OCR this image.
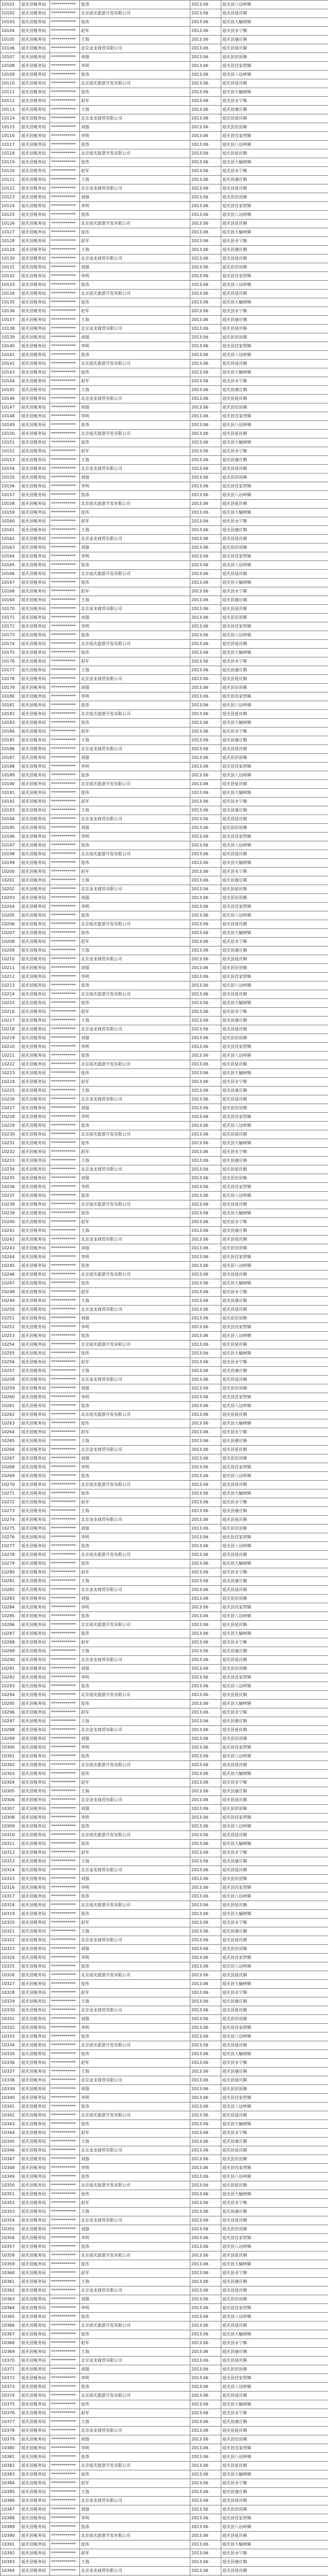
10101	延庆县税务局	************	张涛	2013.06	延庆县八达岭镇
10102	延庆县税务局	************	北京延庆旅游开发有限公司	2013.06	延庆县延庆镇
10103	延庆县税务局	************	张伟	2013.06	延庆县大榆树镇
10104	延庆县税务局	************	赵军	2013.06	延庆县永宁镇
10105	延庆县税务局	************	王海	2013.06	延庆县康庄镇
10106	延庆县税务局	************	北京金龙商贸有限公司	2013.06	延庆县延庆镇
10107	延庆县税务局	************	刘强	2013.06	延庆县旧县镇
10108	延庆县税务局	************	李明	2013.06	延庆县沈家营镇
10109	延庆县税务局	************	张涛	2013.06	延庆县八达岭镇
10110	延庆县税务局	************	北京延庆旅游开发有限公司	2013.06	延庆县延庆镇
10111	延庆县税务局	************	张伟	2013.06	延庆县大榆树镇
10112	延庆县税务局	************	赵军	2013.06	延庆县永宁镇
10113	延庆县税务局	************	王海	2013.06	延庆县康庄镇
10114	延庆县税务局	************	北京金龙商贸有限公司	2013.06	延庆县延庆镇
10115	延庆县税务局	************	刘强	2013.06	延庆县旧县镇
10116	延庆县税务局	************	李明	2013.06	延庆县沈家营镇
10117	延庆县税务局	************	张涛	2013.06	延庆县八达岭镇
10118	延庆县税务局	************	北京延庆旅游开发有限公司	2013.06	延庆县延庆镇
10119	延庆县税务局	************	张伟	2013.06	延庆县大榆树镇
10120	延庆县税务局	************	赵军	2013.06	延庆县永宁镇
10121	延庆县税务局	************	王海	2013.06	延庆县康庄镇
10122	延庆县税务局	************	北京金龙商贸有限公司	2013.06	延庆县延庆镇
10123	延庆县税务局	************	刘强	2013.06	延庆县旧县镇
10124	延庆县税务局	************	李明	2013.06	延庆县沈家营镇
10125	延庆县税务局	************	张涛	2013.06	延庆县八达岭镇
10126	延庆县税务局	************	北京延庆旅游开发有限公司	2013.06	延庆县延庆镇
10127	延庆县税务局	************	张伟	2013.06	延庆县大榆树镇
10128	延庆县税务局	************	赵军	2013.06	延庆县永宁镇
10129	延庆县税务局	************	王海	2013.06	延庆县康庄镇
10130	延庆县税务局	************	北京金龙商贸有限公司	2013.06	延庆县延庆镇
10131	延庆县税务局	************	刘强	2013.06	延庆县旧县镇
10132	延庆县税务局	************	李明	2013.06	延庆县沈家营镇
10133	延庆县税务局	************	张涛	2013.06	延庆县八达岭镇
10134	延庆县税务局	************	北京延庆旅游开发有限公司	2013.06	延庆县延庆镇
10135	延庆县税务局	************	张伟	2013.06	延庆县大榆树镇
10136	延庆县税务局	************	赵军	2013.06	延庆县永宁镇
10137	延庆县税务局	************	王海	2013.06	延庆县康庄镇
10138	延庆县税务局	************	北京金龙商贸有限公司	2013.06	延庆县延庆镇
10139	延庆县税务局	************	刘强	2013.06	延庆县旧县镇
10140	延庆县税务局	************	李明	2013.06	延庆县沈家营镇
10141	延庆县税务局	************	张涛	2013.06	延庆县八达岭镇
10142	延庆县税务局	************	北京延庆旅游开发有限公司	2013.06	延庆县延庆镇
10143	延庆县税务局	************	张伟	2013.06	延庆县大榆树镇
10144	延庆县税务局	************	赵军	2013.06	延庆县永宁镇
10145	延庆县税务局	************	王海	2013.06	延庆县康庄镇
10146	延庆县税务局	************	北京金龙商贸有限公司	2013.06	延庆县延庆镇
10147	延庆县税务局	************	刘强	2013.06	延庆县旧县镇
10148	延庆县税务局	************	李明	2013.06	延庆县沈家营镇
10149	延庆县税务局	************	张涛	2013.06	延庆县八达岭镇
10150	延庆县税务局	************	北京延庆旅游开发有限公司	2013.06	延庆县延庆镇
10151	延庆县税务局	************	张伟	2013.06	延庆县大榆树镇
10152	延庆县税务局	************	赵军	2013.06	延庆县永宁镇
10153	延庆县税务局	************	王海	2013.06	延庆县康庄镇
10154	延庆县税务局	************	北京金龙商贸有限公司	2013.06	延庆县延庆镇
10155	延庆县税务局	************	刘强	2013.06	延庆县旧县镇
10156	延庆县税务局	************	李明	2013.06	延庆县沈家营镇
10157	延庆县税务局	************	张涛	2013.06	延庆县八达岭镇
10158	延庆县税务局	************	北京延庆旅游开发有限公司	2013.06	延庆县延庆镇
10159	延庆县税务局	************	张伟	2013.06	延庆县大榆树镇
10160	延庆县税务局	************	赵军	2013.06	延庆县永宁镇
10161	延庆县税务局	************	王海	2013.06	延庆县康庄镇
10162	延庆县税务局	************	北京金龙商贸有限公司	2013.06	延庆县延庆镇
10163	延庆县税务局	************	刘强	2013.06	延庆县旧县镇
10164	延庆县税务局	************	李明	2013.06	延庆县沈家营镇
10165	延庆县税务局	************	张涛	2013.06	延庆县八达岭镇
10166	延庆县税务局	************	北京延庆旅游开发有限公司	2013.06	延庆县延庆镇
10167	延庆县税务局	************	张伟	2013.06	延庆县大榆树镇
10168	延庆县税务局	************	赵军	2013.06	延庆县永宁镇
10169	延庆县税务局	************	王海	2013.06	延庆县康庄镇
10170	延庆县税务局	************	北京金龙商贸有限公司	2013.06	延庆县延庆镇
10171	延庆县税务局	************	刘强	2013.06	延庆县旧县镇
10172	延庆县税务局	************	李明	2013.06	延庆县沈家营镇
10173	延庆县税务局	************	张涛	2013.06	延庆县八达岭镇
10174	延庆县税务局	************	北京延庆旅游开发有限公司	2013.06	延庆县延庆镇
10175	延庆县税务局	************	张伟	2013.06	延庆县大榆树镇
10176	延庆县税务局	************	赵军	2013.06	延庆县永宁镇
10177	延庆县税务局	************	王海	2013.06	延庆县康庄镇
10178	延庆县税务局	************	北京金龙商贸有限公司	2013.06	延庆县延庆镇
10179	延庆县税务局	************	刘强	2013.06	延庆县旧县镇
10180	延庆县税务局	************	李明	2013.06	延庆县沈家营镇
10181	延庆县税务局	************	张涛	2013.06	延庆县八达岭镇
10182	延庆县税务局	************	北京延庆旅游开发有限公司	2013.06	延庆县延庆镇
10183	延庆县税务局	************	张伟	2013.06	延庆县大榆树镇
10184	延庆县税务局	************	赵军	2013.06	延庆县永宁镇
10185	延庆县税务局	************	王海	2013.06	延庆县康庄镇
10186	延庆县税务局	************	北京金龙商贸有限公司	2013.06	延庆县延庆镇
10187	延庆县税务局	************	刘强	2013.06	延庆县旧县镇
10188	延庆县税务局	************	李明	2013.06	延庆县沈家营镇
10189	延庆县税务局	************	张涛	2013.06	延庆县八达岭镇
10190	延庆县税务局	************	北京延庆旅游开发有限公司	2013.06	延庆县延庆镇
10191	延庆县税务局	************	张伟	2013.06	延庆县大榆树镇
10192	延庆县税务局	************	赵军	2013.06	延庆县永宁镇
10193	延庆县税务局	************	王海	2013.06	延庆县康庄镇
10194	延庆县税务局	************	北京金龙商贸有限公司	2013.06	延庆县延庆镇
10195	延庆县税务局	************	刘强	2013.06	延庆县旧县镇
10196	延庆县税务局	************	李明	2013.06	延庆县沈家营镇
10197	延庆县税务局	************	张涛	2013.06	延庆县八达岭镇
10198	延庆县税务局	************	北京延庆旅游开发有限公司	2013.06	延庆县延庆镇
10199	延庆县税务局	************	张伟	2013.06	延庆县大榆树镇
10200	延庆县税务局	************	赵军	2013.06	延庆县永宁镇
10201	延庆县税务局	************	王海	2013.06	延庆县康庄镇
10202	延庆县税务局	************	北京金龙商贸有限公司	2013.06	延庆县延庆镇
10203	延庆县税务局	************	刘强	2013.06	延庆县旧县镇
10204	延庆县税务局	************	李明	2013.06	延庆县沈家营镇
10205	延庆县税务局	************	张涛	2013.06	延庆县八达岭镇
10206	延庆县税务局	************	北京延庆旅游开发有限公司	2013.06	延庆县延庆镇
10207	延庆县税务局	************	张伟	2013.06	延庆县大榆树镇
10208	延庆县税务局	************	赵军	2013.06	延庆县永宁镇
10209	延庆县税务局	************	王海	2013.06	延庆县康庄镇
10210	延庆县税务局	************	北京金龙商贸有限公司	2013.06	延庆县延庆镇
10211	延庆县税务局	************	刘强	2013.06	延庆县旧县镇
10212	延庆县税务局	************	李明	2013.06	延庆县沈家营镇
10213	延庆县税务局	************	张涛	2013.06	延庆县八达岭镇
10214	延庆县税务局	************	北京延庆旅游开发有限公司	2013.06	延庆县延庆镇
10215	延庆县税务局	************	张伟	2013.06	延庆县大榆树镇
10216	延庆县税务局	************	赵军	2013.06	延庆县永宁镇
10217	延庆县税务局	************	王海	2013.06	延庆县康庄镇
10218	延庆县税务局	************	北京金龙商贸有限公司	2013.06	延庆县延庆镇
10219	延庆县税务局	************	刘强	2013.06	延庆县旧县镇
10220	延庆县税务局	************	李明	2013.06	延庆县沈家营镇
10221	延庆县税务局	************	张涛	2013.06	延庆县八达岭镇
10222	延庆县税务局	************	北京延庆旅游开发有限公司	2013.06	延庆县延庆镇
10223	延庆县税务局	************	张伟	2013.06	延庆县大榆树镇
10224	延庆县税务局	************	赵军	2013.06	延庆县永宁镇
10225	延庆县税务局	************	王海	2013.06	延庆县康庄镇
10226	延庆县税务局	************	北京金龙商贸有限公司	2013.06	延庆县延庆镇
10227	延庆县税务局	************	刘强	2013.06	延庆县旧县镇
10228	延庆县税务局	************	李明	2013.06	延庆县沈家营镇
10229	延庆县税务局	************	张涛	2013.06	延庆县八达岭镇
10230	延庆县税务局	************	北京延庆旅游开发有限公司	2013.06	延庆县延庆镇
10231	延庆县税务局	************	张伟	2013.06	延庆县大榆树镇
10232	延庆县税务局	************	赵军	2013.06	延庆县永宁镇
10233	延庆县税务局	************	王海	2013.06	延庆县康庄镇
10234	延庆县税务局	************	北京金龙商贸有限公司	2013.06	延庆县延庆镇
10235	延庆县税务局	************	刘强	2013.06	延庆县旧县镇
10236	延庆县税务局	************	李明	2013.06	延庆县沈家营镇
10237	延庆县税务局	************	张涛	2013.06	延庆县八达岭镇
10238	延庆县税务局	************	北京延庆旅游开发有限公司	2013.06	延庆县延庆镇
10239	延庆县税务局	************	张伟	2013.06	延庆县大榆树镇
10240	延庆县税务局	************	赵军	2013.06	延庆县永宁镇
10241	延庆县税务局	************	王海	2013.06	延庆县康庄镇
10242	延庆县税务局	************	北京金龙商贸有限公司	2013.06	延庆县延庆镇
10243	延庆县税务局	************	刘强	2013.06	延庆县旧县镇
10244	延庆县税务局	************	李明	2013.06	延庆县沈家营镇
10245	延庆县税务局	************	张涛	2013.06	延庆县八达岭镇
10246	延庆县税务局	************	北京延庆旅游开发有限公司	2013.06	延庆县延庆镇
10247	延庆县税务局	************	张伟	2013.06	延庆县大榆树镇
10248	延庆县税务局	************	赵军	2013.06	延庆县永宁镇
10249	延庆县税务局	************	王海	2013.06	延庆县康庄镇
10250	延庆县税务局	************	北京金龙商贸有限公司	2013.06	延庆县延庆镇
10251	延庆县税务局	************	刘强	2013.06	延庆县旧县镇
10252	延庆县税务局	************	李明	2013.06	延庆县沈家营镇
10253	延庆县税务局	************	张涛	2013.06	延庆县八达岭镇
10254	延庆县税务局	************	北京延庆旅游开发有限公司	2013.06	延庆县延庆镇
10255	延庆县税务局	************	张伟	2013.06	延庆县大榆树镇
10256	延庆县税务局	************	赵军	2013.06	延庆县永宁镇
10257	延庆县税务局	************	王海	2013.06	延庆县康庄镇
10258	延庆县税务局	************	北京金龙商贸有限公司	2013.06	延庆县延庆镇
10259	延庆县税务局	************	刘强	2013.06	延庆县旧县镇
10260	延庆县税务局	************	李明	2013.06	延庆县沈家营镇
10261	延庆县税务局	************	张涛	2013.06	延庆县八达岭镇
10262	延庆县税务局	************	北京延庆旅游开发有限公司	2013.06	延庆县延庆镇
10263	延庆县税务局	************	张伟	2013.06	延庆县大榆树镇
10264	延庆县税务局	************	赵军	2013.06	延庆县永宁镇
10265	延庆县税务局	************	王海	2013.06	延庆县康庄镇
10266	延庆县税务局	************	北京金龙商贸有限公司	2013.06	延庆县延庆镇
10267	延庆县税务局	************	刘强	2013.06	延庆县旧县镇
10268	延庆县税务局	************	李明	2013.06	延庆县沈家营镇
10269	延庆县税务局	************	张涛	2013.06	延庆县八达岭镇
10270	延庆县税务局	************	北京延庆旅游开发有限公司	2013.06	延庆县延庆镇
10271	延庆县税务局	************	张伟	2013.06	延庆县大榆树镇
10272	延庆县税务局	************	赵军	2013.06	延庆县永宁镇
10273	延庆县税务局	************	王海	2013.06	延庆县康庄镇
10274	延庆县税务局	************	北京金龙商贸有限公司	2013.06	延庆县延庆镇
10275	延庆县税务局	************	刘强	2013.06	延庆县旧县镇
10276	延庆县税务局	************	李明	2013.06	延庆县沈家营镇
10277	延庆县税务局	************	张涛	2013.06	延庆县八达岭镇
10278	延庆县税务局	************	北京延庆旅游开发有限公司	2013.06	延庆县延庆镇
10279	延庆县税务局	************	张伟	2013.06	延庆县大榆树镇
10280	延庆县税务局	************	赵军	2013.06	延庆县永宁镇
10281	延庆县税务局	************	王海	2013.06	延庆县康庄镇
10282	延庆县税务局	************	北京金龙商贸有限公司	2013.06	延庆县延庆镇
10283	延庆县税务局	************	刘强	2013.06	延庆县旧县镇
10284	延庆县税务局	************	李明	2013.06	延庆县沈家营镇
10285	延庆县税务局	************	张涛	2013.06	延庆县八达岭镇
10286	延庆县税务局	************	北京延庆旅游开发有限公司	2013.06	延庆县延庆镇
10287	延庆县税务局	************	张伟	2013.06	延庆县大榆树镇
10288	延庆县税务局	************	赵军	2013.06	延庆县永宁镇
10289	延庆县税务局	************	王海	2013.06	延庆县康庄镇
10290	延庆县税务局	************	北京金龙商贸有限公司	2013.06	延庆县延庆镇
10291	延庆县税务局	************	刘强	2013.06	延庆县旧县镇
10292	延庆县税务局	************	李明	2013.06	延庆县沈家营镇
10293	延庆县税务局	************	张涛	2013.06	延庆县八达岭镇
10294	延庆县税务局	************	北京延庆旅游开发有限公司	2013.06	延庆县延庆镇
10295	延庆县税务局	************	张伟	2013.06	延庆县大榆树镇
10296	延庆县税务局	************	赵军	2013.06	延庆县永宁镇
10297	延庆县税务局	************	王海	2013.06	延庆县康庄镇
10298	延庆县税务局	************	北京金龙商贸有限公司	2013.06	延庆县延庆镇
10299	延庆县税务局	************	刘强	2013.06	延庆县旧县镇
10300	延庆县税务局	************	李明	2013.06	延庆县沈家营镇
10301	延庆县税务局	************	张涛	2013.06	延庆县八达岭镇
10302	延庆县税务局	************	北京延庆旅游开发有限公司	2013.06	延庆县延庆镇
10303	延庆县税务局	************	张伟	2013.06	延庆县大榆树镇
10304	延庆县税务局	************	赵军	2013.06	延庆县永宁镇
10305	延庆县税务局	************	王海	2013.06	延庆县康庄镇
10306	延庆县税务局	************	北京金龙商贸有限公司	2013.06	延庆县延庆镇
10307	延庆县税务局	************	刘强	2013.06	延庆县旧县镇
10308	延庆县税务局	************	李明	2013.06	延庆县沈家营镇
10309	延庆县税务局	************	张涛	2013.06	延庆县八达岭镇
10310	延庆县税务局	************	北京延庆旅游开发有限公司	2013.06	延庆县延庆镇
10311	延庆县税务局	************	张伟	2013.06	延庆县大榆树镇
10312	延庆县税务局	************	赵军	2013.06	延庆县永宁镇
10313	延庆县税务局	************	王海	2013.06	延庆县康庄镇
10314	延庆县税务局	************	北京金龙商贸有限公司	2013.06	延庆县延庆镇
10315	延庆县税务局	************	刘强	2013.06	延庆县旧县镇
10316	延庆县税务局	************	李明	2013.06	延庆县沈家营镇
10317	延庆县税务局	************	张涛	2013.06	延庆县八达岭镇
10318	延庆县税务局	************	北京延庆旅游开发有限公司	2013.06	延庆县延庆镇
10319	延庆县税务局	************	张伟	2013.06	延庆县大榆树镇
10320	延庆县税务局	************	赵军	2013.06	延庆县永宁镇
10321	延庆县税务局	************	王海	2013.06	延庆县康庄镇
10322	延庆县税务局	************	北京金龙商贸有限公司	2013.06	延庆县延庆镇
10323	延庆县税务局	************	刘强	2013.06	延庆县旧县镇
10324	延庆县税务局	************	李明	2013.06	延庆县沈家营镇
10325	延庆县税务局	************	张涛	2013.06	延庆县八达岭镇
10326	延庆县税务局	************	北京延庆旅游开发有限公司	2013.06	延庆县延庆镇
10327	延庆县税务局	************	张伟	2013.06	延庆县大榆树镇
10328	延庆县税务局	************	赵军	2013.06	延庆县永宁镇
10329	延庆县税务局	************	王海	2013.06	延庆县康庄镇
10330	延庆县税务局	************	北京金龙商贸有限公司	2013.06	延庆县延庆镇
10331	延庆县税务局	************	刘强	2013.06	延庆县旧县镇
10332	延庆县税务局	************	李明	2013.06	延庆县沈家营镇
10333	延庆县税务局	************	张涛	2013.06	延庆县八达岭镇
10334	延庆县税务局	************	北京延庆旅游开发有限公司	2013.06	延庆县延庆镇
10335	延庆县税务局	************	张伟	2013.06	延庆县大榆树镇
10336	延庆县税务局	************	赵军	2013.06	延庆县永宁镇
10337	延庆县税务局	************	王海	2013.06	延庆县康庄镇
10338	延庆县税务局	************	北京金龙商贸有限公司	2013.06	延庆县延庆镇
10339	延庆县税务局	************	刘强	2013.06	延庆县旧县镇
10340	延庆县税务局	************	李明	2013.06	延庆县沈家营镇
10341	延庆县税务局	************	张涛	2013.06	延庆县八达岭镇
10342	延庆县税务局	************	北京延庆旅游开发有限公司	2013.06	延庆县延庆镇
10343	延庆县税务局	************	张伟	2013.06	延庆县大榆树镇
10344	延庆县税务局	************	赵军	2013.06	延庆县永宁镇
10345	延庆县税务局	************	王海	2013.06	延庆县康庄镇
10346	延庆县税务局	************	北京金龙商贸有限公司	2013.06	延庆县延庆镇
10347	延庆县税务局	************	刘强	2013.06	延庆县旧县镇
10348	延庆县税务局	************	李明	2013.06	延庆县沈家营镇
10349	延庆县税务局	************	张涛	2013.06	延庆县八达岭镇
10350	延庆县税务局	************	北京延庆旅游开发有限公司	2013.06	延庆县延庆镇
10351	延庆县税务局	************	张伟	2013.06	延庆县大榆树镇
10352	延庆县税务局	************	赵军	2013.06	延庆县永宁镇
10353	延庆县税务局	************	王海	2013.06	延庆县康庄镇
10354	延庆县税务局	************	北京金龙商贸有限公司	2013.06	延庆县延庆镇
10355	延庆县税务局	************	刘强	2013.06	延庆县旧县镇
10356	延庆县税务局	************	李明	2013.06	延庆县沈家营镇
10357	延庆县税务局	************	张涛	2013.06	延庆县八达岭镇
10358	延庆县税务局	************	北京延庆旅游开发有限公司	2013.06	延庆县延庆镇
10359	延庆县税务局	************	张伟	2013.06	延庆县大榆树镇
10360	延庆县税务局	************	赵军	2013.06	延庆县永宁镇
10361	延庆县税务局	************	王海	2013.06	延庆县康庄镇
10362	延庆县税务局	************	北京金龙商贸有限公司	2013.06	延庆县延庆镇
10363	延庆县税务局	************	刘强	2013.06	延庆县旧县镇
10364	延庆县税务局	************	李明	2013.06	延庆县沈家营镇
10365	延庆县税务局	************	张涛	2013.06	延庆县八达岭镇
10366	延庆县税务局	************	北京延庆旅游开发有限公司	2013.06	延庆县延庆镇
10367	延庆县税务局	************	张伟	2013.06	延庆县大榆树镇
10368	延庆县税务局	************	赵军	2013.06	延庆县永宁镇
10369	延庆县税务局	************	王海	2013.06	延庆县康庄镇
10370	延庆县税务局	************	北京金龙商贸有限公司	2013.06	延庆县延庆镇
10371	延庆县税务局	************	刘强	2013.06	延庆县旧县镇
10372	延庆县税务局	************	李明	2013.06	延庆县沈家营镇
10373	延庆县税务局	************	张涛	2013.06	延庆县八达岭镇
10374	延庆县税务局	************	北京延庆旅游开发有限公司	2013.06	延庆县延庆镇
10375	延庆县税务局	************	张伟	2013.06	延庆县大榆树镇
10376	延庆县税务局	************	赵军	2013.06	延庆县永宁镇
10377	延庆县税务局	************	王海	2013.06	延庆县康庄镇
10378	延庆县税务局	************	北京金龙商贸有限公司	2013.06	延庆县延庆镇
10379	延庆县税务局	************	刘强	2013.06	延庆县旧县镇
10380	延庆县税务局	************	李明	2013.06	延庆县沈家营镇
10381	延庆县税务局	************	张涛	2013.06	延庆县八达岭镇
10382	延庆县税务局	************	北京延庆旅游开发有限公司	2013.06	延庆县延庆镇
10383	延庆县税务局	************	张伟	2013.06	延庆县大榆树镇
10384	延庆县税务局	************	赵军	2013.06	延庆县永宁镇
10385	延庆县税务局	************	王海	2013.06	延庆县康庄镇
10386	延庆县税务局	************	北京金龙商贸有限公司	2013.06	延庆县延庆镇
10387	延庆县税务局	************	刘强	2013.06	延庆县旧县镇
10388	延庆县税务局	************	李明	2013.06	延庆县沈家营镇
10389	延庆县税务局	************	张涛	2013.06	延庆县八达岭镇
10390	延庆县税务局	************	北京延庆旅游开发有限公司	2013.06	延庆县延庆镇
10391	延庆县税务局	************	张伟	2013.06	延庆县大榆树镇
10392	延庆县税务局	************	赵军	2013.06	延庆县永宁镇
10393	延庆县税务局	************	王海	2013.06	延庆县康庄镇
10394	延庆县税务局	************	北京金龙商贸有限公司	2013.06	延庆县延庆镇
